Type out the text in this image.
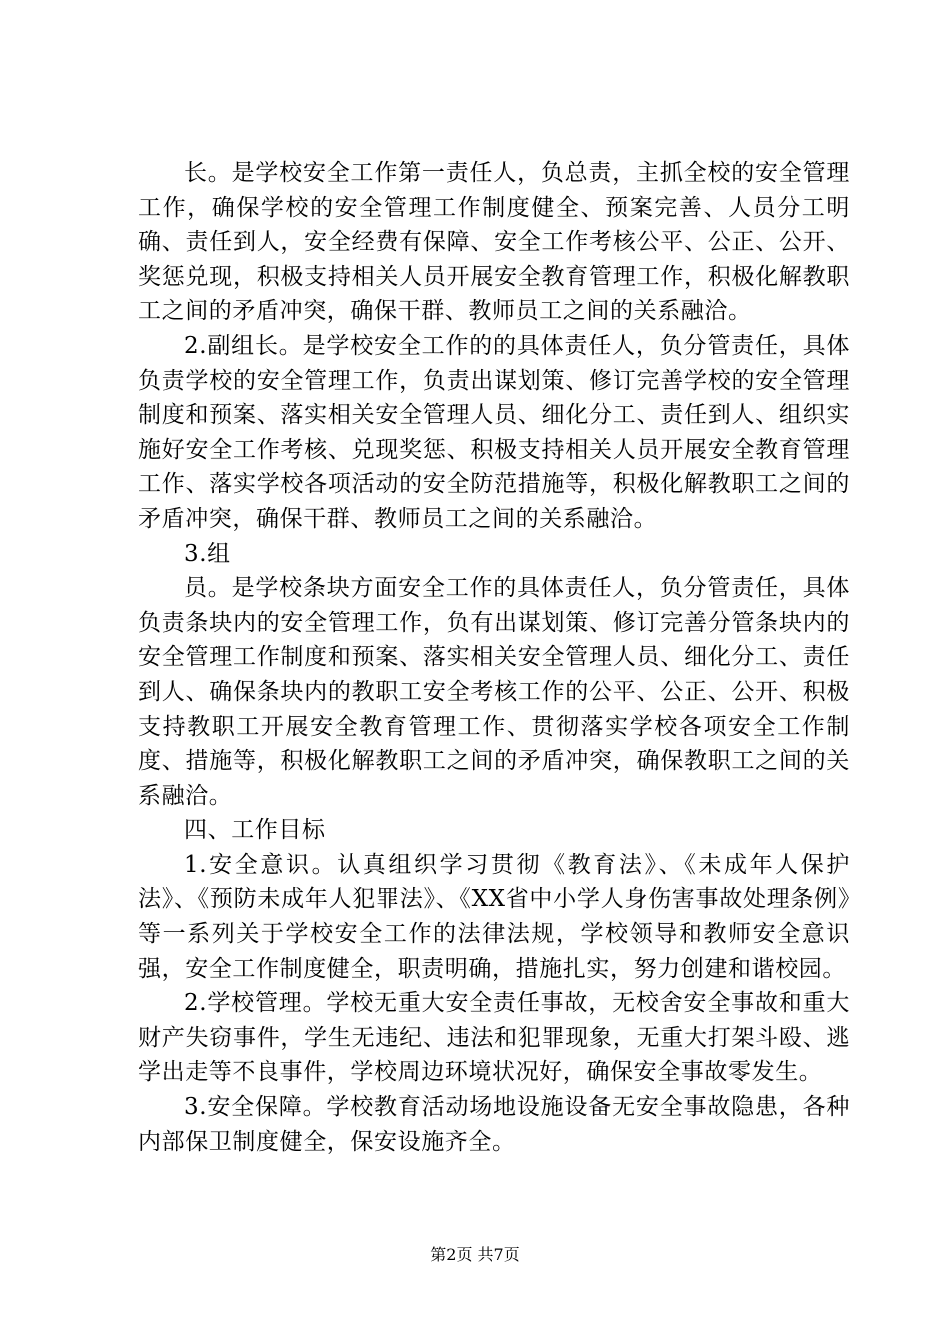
长。是学校安全工作第一责任人，负总责，主抓全校的安全管理工作，确保学校的安全管理工作制度健全、预案完善、人员分工明确、责任到人，安全经费有保障、安全工作考核公平、公正、公开、奖惩兑现，积极支持相关人员开展安全教育管理工作，积极化解教职工之间的矛盾冲突，确保干群、教师员工之间的关系融洽。

2.副组长。是学校安全工作的的具体责任人，负分管责任，具体负责学校的安全管理工作，负责出谋划策、修订完善学校的安全管理制度和预案、落实相关安全管理人员、细化分工、责任到人、组织实施好安全工作考核、兑现奖惩、积极支持相关人员开展安全教育管理工作、落实学校各项活动的安全防范措施等，积极化解教职工之间的矛盾冲突，确保干群、教师员工之间的关系融洽。

3.组

员。是学校条块方面安全工作的具体责任人，负分管责任，具体负责条块内的安全管理工作，负有出谋划策、修订完善分管条块内的安全管理工作制度和预案、落实相关安全管理人员、细化分工、责任到人、确保条块内的教职工安全考核工作的公平、公正、公开、积极支持教职工开展安全教育管理工作、贯彻落实学校各项安全工作制度、措施等，积极化解教职工之间的矛盾冲突，确保教职工之间的关系融洽。

四、工作目标

1.安全意识。认真组织学习贯彻《教育法》、《未成年人保护法》、《预防未成年人犯罪法》、《XX省中小学人身伤害事故处理条例》等一系列关于学校安全工作的法律法规，学校领导和教师安全意识强，安全工作制度健全，职责明确，措施扎实，努力创建和谐校园。

2.学校管理。学校无重大安全责任事故，无校舍安全事故和重大财产失窃事件，学生无违纪、违法和犯罪现象，无重大打架斗殴、逃学出走等不良事件，学校周边环境状况好，确保安全事故零发生。

3.安全保障。学校教育活动场地设施设备无安全事故隐患，各种内部保卫制度健全，保安设施齐全。

第2页 共7页
